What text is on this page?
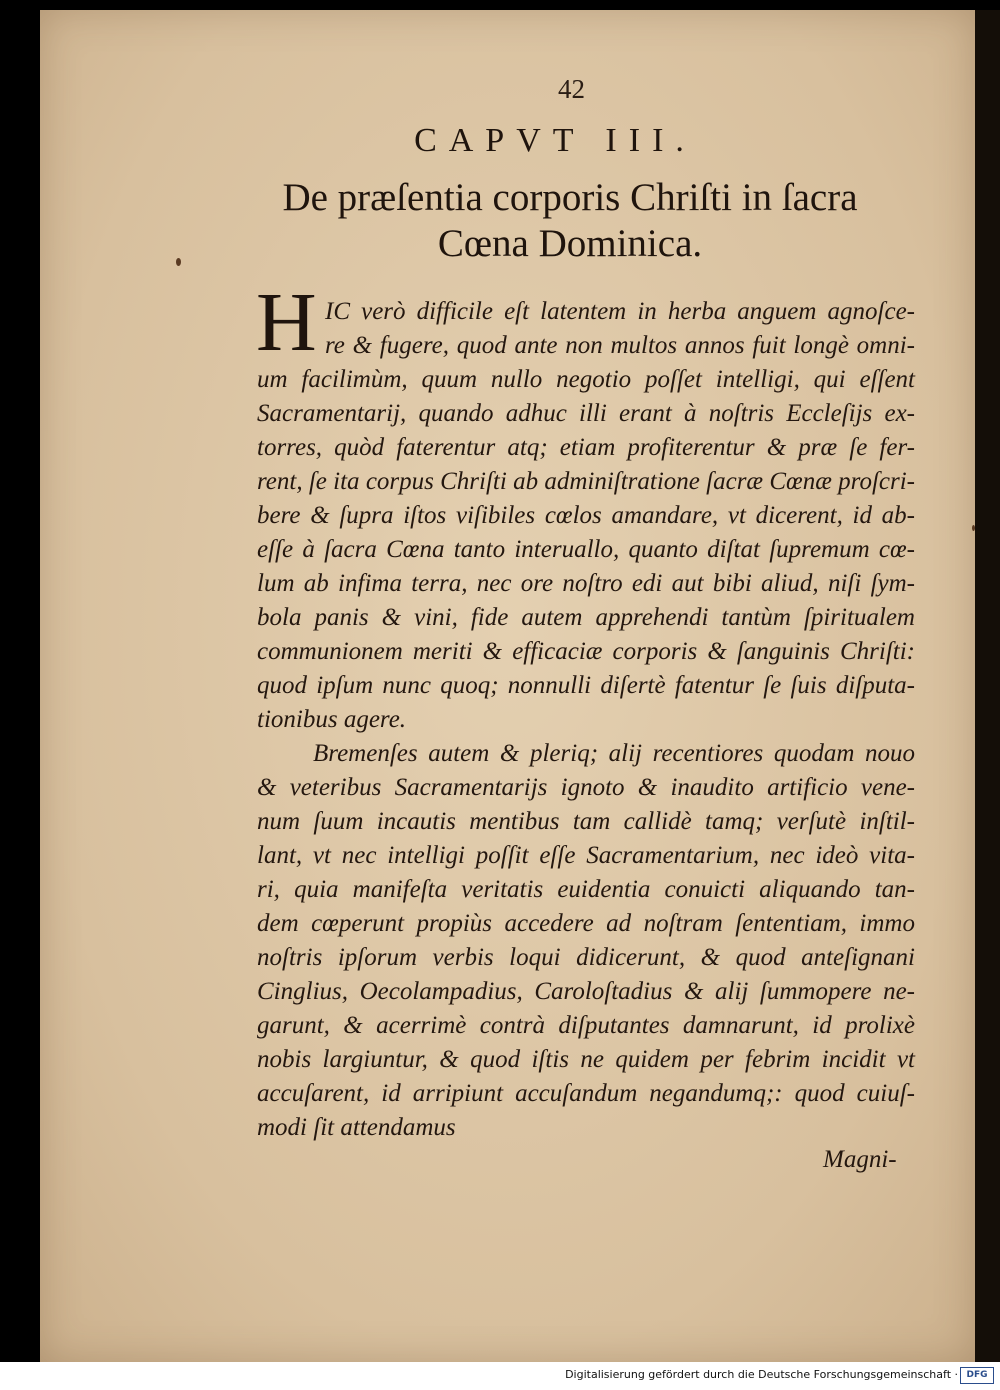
42
CAPVT III.
De præſentia corporis Chriſti in ſacra
Cœna Dominica.
H IC verò difficile eſt latentem in herba anguem agnoſce-
re & fugere, quod ante non multos annos fuit longè omni-
um facilimùm, quum nullo negotio poſſet intelligi, qui eſſent
Sacramentarij, quando adhuc illi erant à noſtris Eccleſijs ex-
torres, quòd faterentur atq; etiam profiterentur & præ ſe fer-
rent, ſe ita corpus Chriſti ab adminiſtratione ſacræ Cœnæ proſcri-
bere & ſupra iſtos viſibiles cœlos amandare, vt dicerent, id ab-
eſſe à ſacra Cœna tanto interuallo, quanto diſtat ſupremum cœ-
lum ab infima terra, nec ore noſtro edi aut bibi aliud, niſi ſym-
bola panis & vini, fide autem apprehendi tantùm ſpiritualem
communionem meriti & efficaciæ corporis & ſanguinis Chriſti:
quod ipſum nunc quoq; nonnulli diſertè fatentur ſe ſuis diſputa-
tionibus agere.
Bremenſes autem & pleriq; alij recentiores quodam nouo
& veteribus Sacramentarijs ignoto & inaudito artificio vene-
num ſuum incautis mentibus tam callidè tamq; verſutè inſtil-
lant, vt nec intelligi poſſit eſſe Sacramentarium, nec ideò vita-
ri, quia manifeſta veritatis euidentia conuicti aliquando tan-
dem cœperunt propiùs accedere ad noſtram ſententiam, immo
noſtris ipſorum verbis loqui didicerunt, & quod anteſignani
Cinglius, Oecolampadius, Caroloſtadius & alij ſummopere ne-
garunt, & acerrimè contrà diſputantes damnarunt, id prolixè
nobis largiuntur, & quod iſtis ne quidem per febrim incidit vt
accuſarent, id arripiunt accuſandum negandumq;: quod cuiuſ-
modi ſit attendamus
Magni-
Digitalisierung gefördert durch die Deutsche Forschungsgemeinschaft · DFG
